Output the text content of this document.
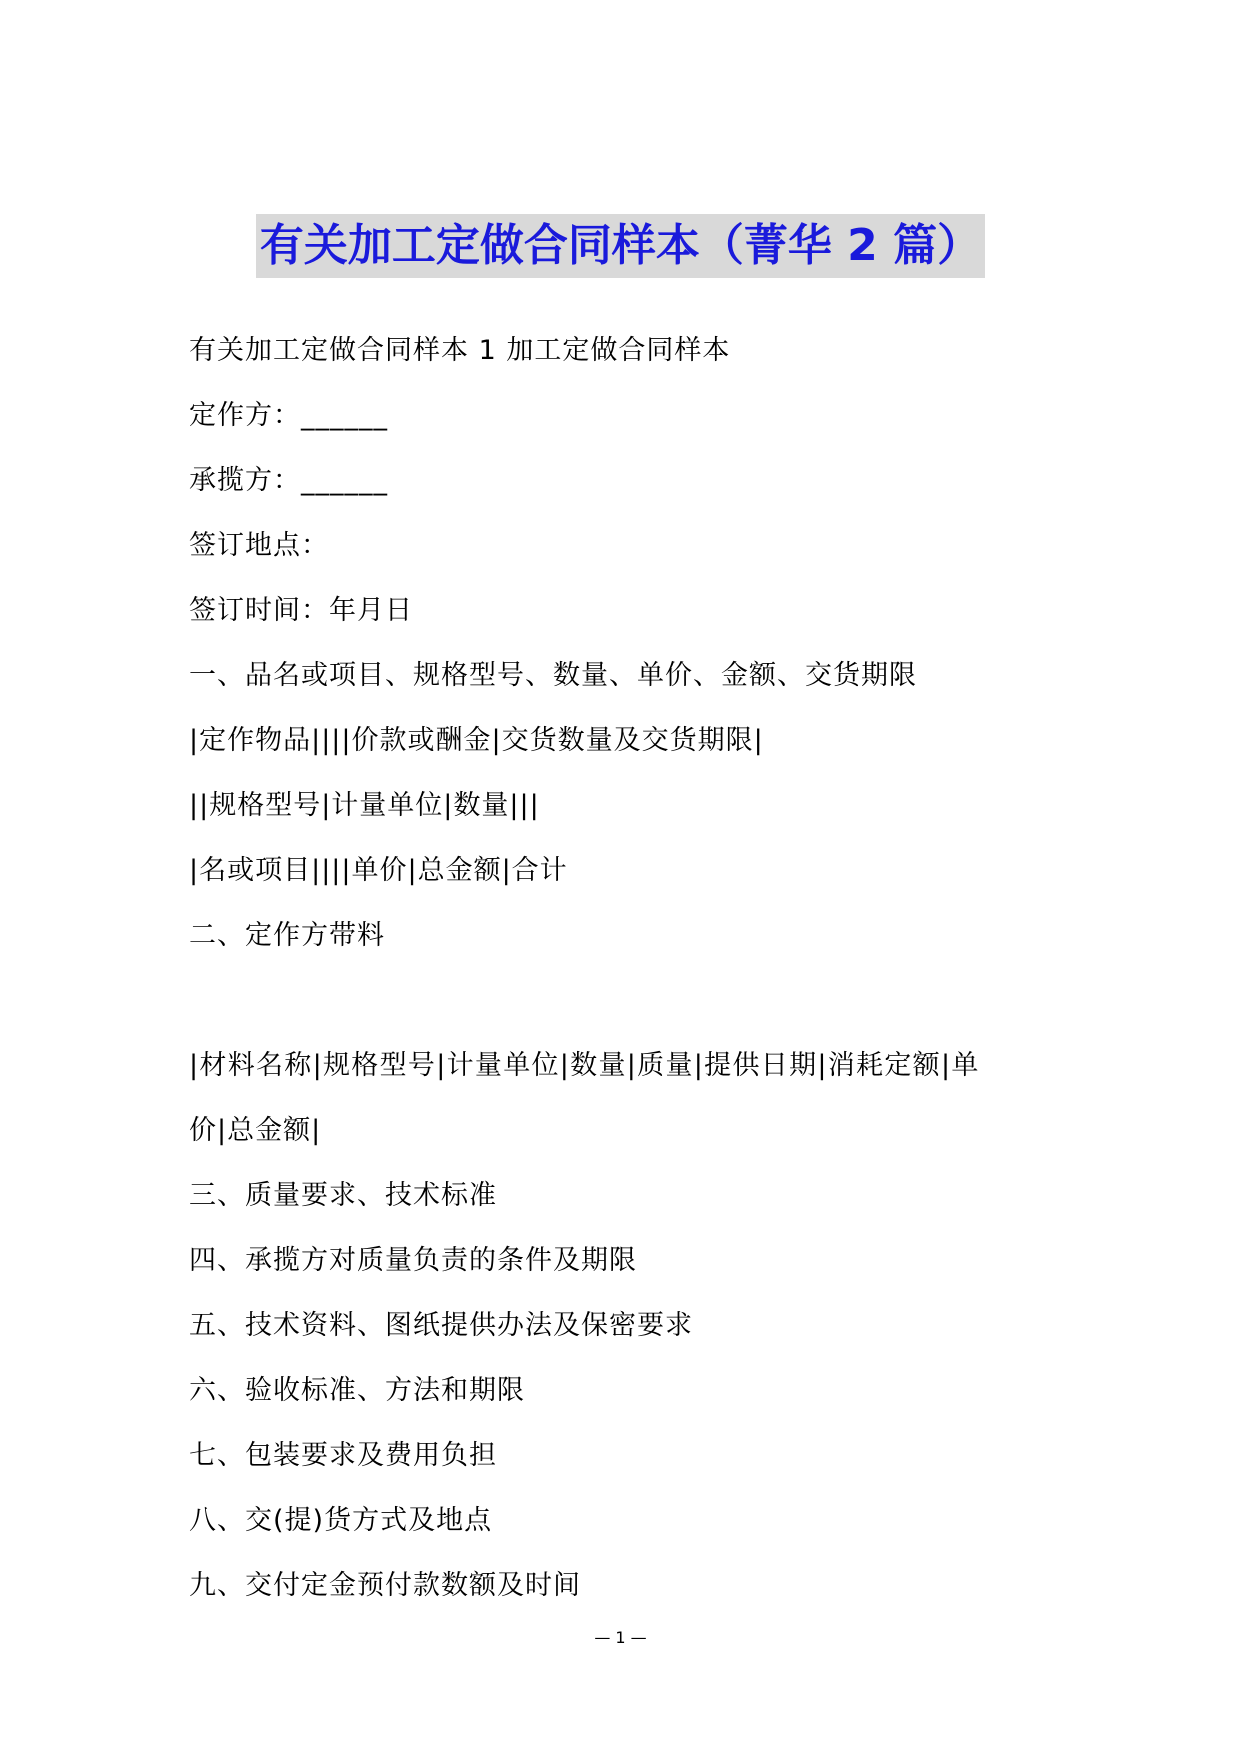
有关加工定做合同样本（菁华 2 篇）
有关加工定做合同样本 1 加工定做合同样本
定作方：______
承揽方：______
签订地点：
签订时间：年月日
一、品名或项目、规格型号、数量、单价、金额、交货期限
|定作物品||||价款或酬金|交货数量及交货期限|
||规格型号|计量单位|数量|||
|名或项目||||单价|总金额|合计
二、定作方带料
|材料名称|规格型号|计量单位|数量|质量|提供日期|消耗定额|单
价|总金额|
三、质量要求、技术标准
四、承揽方对质量负责的条件及期限
五、技术资料、图纸提供办法及保密要求
六、验收标准、方法和期限
七、包装要求及费用负担
八、交(提)货方式及地点
九、交付定金预付款数额及时间
— 1 —
